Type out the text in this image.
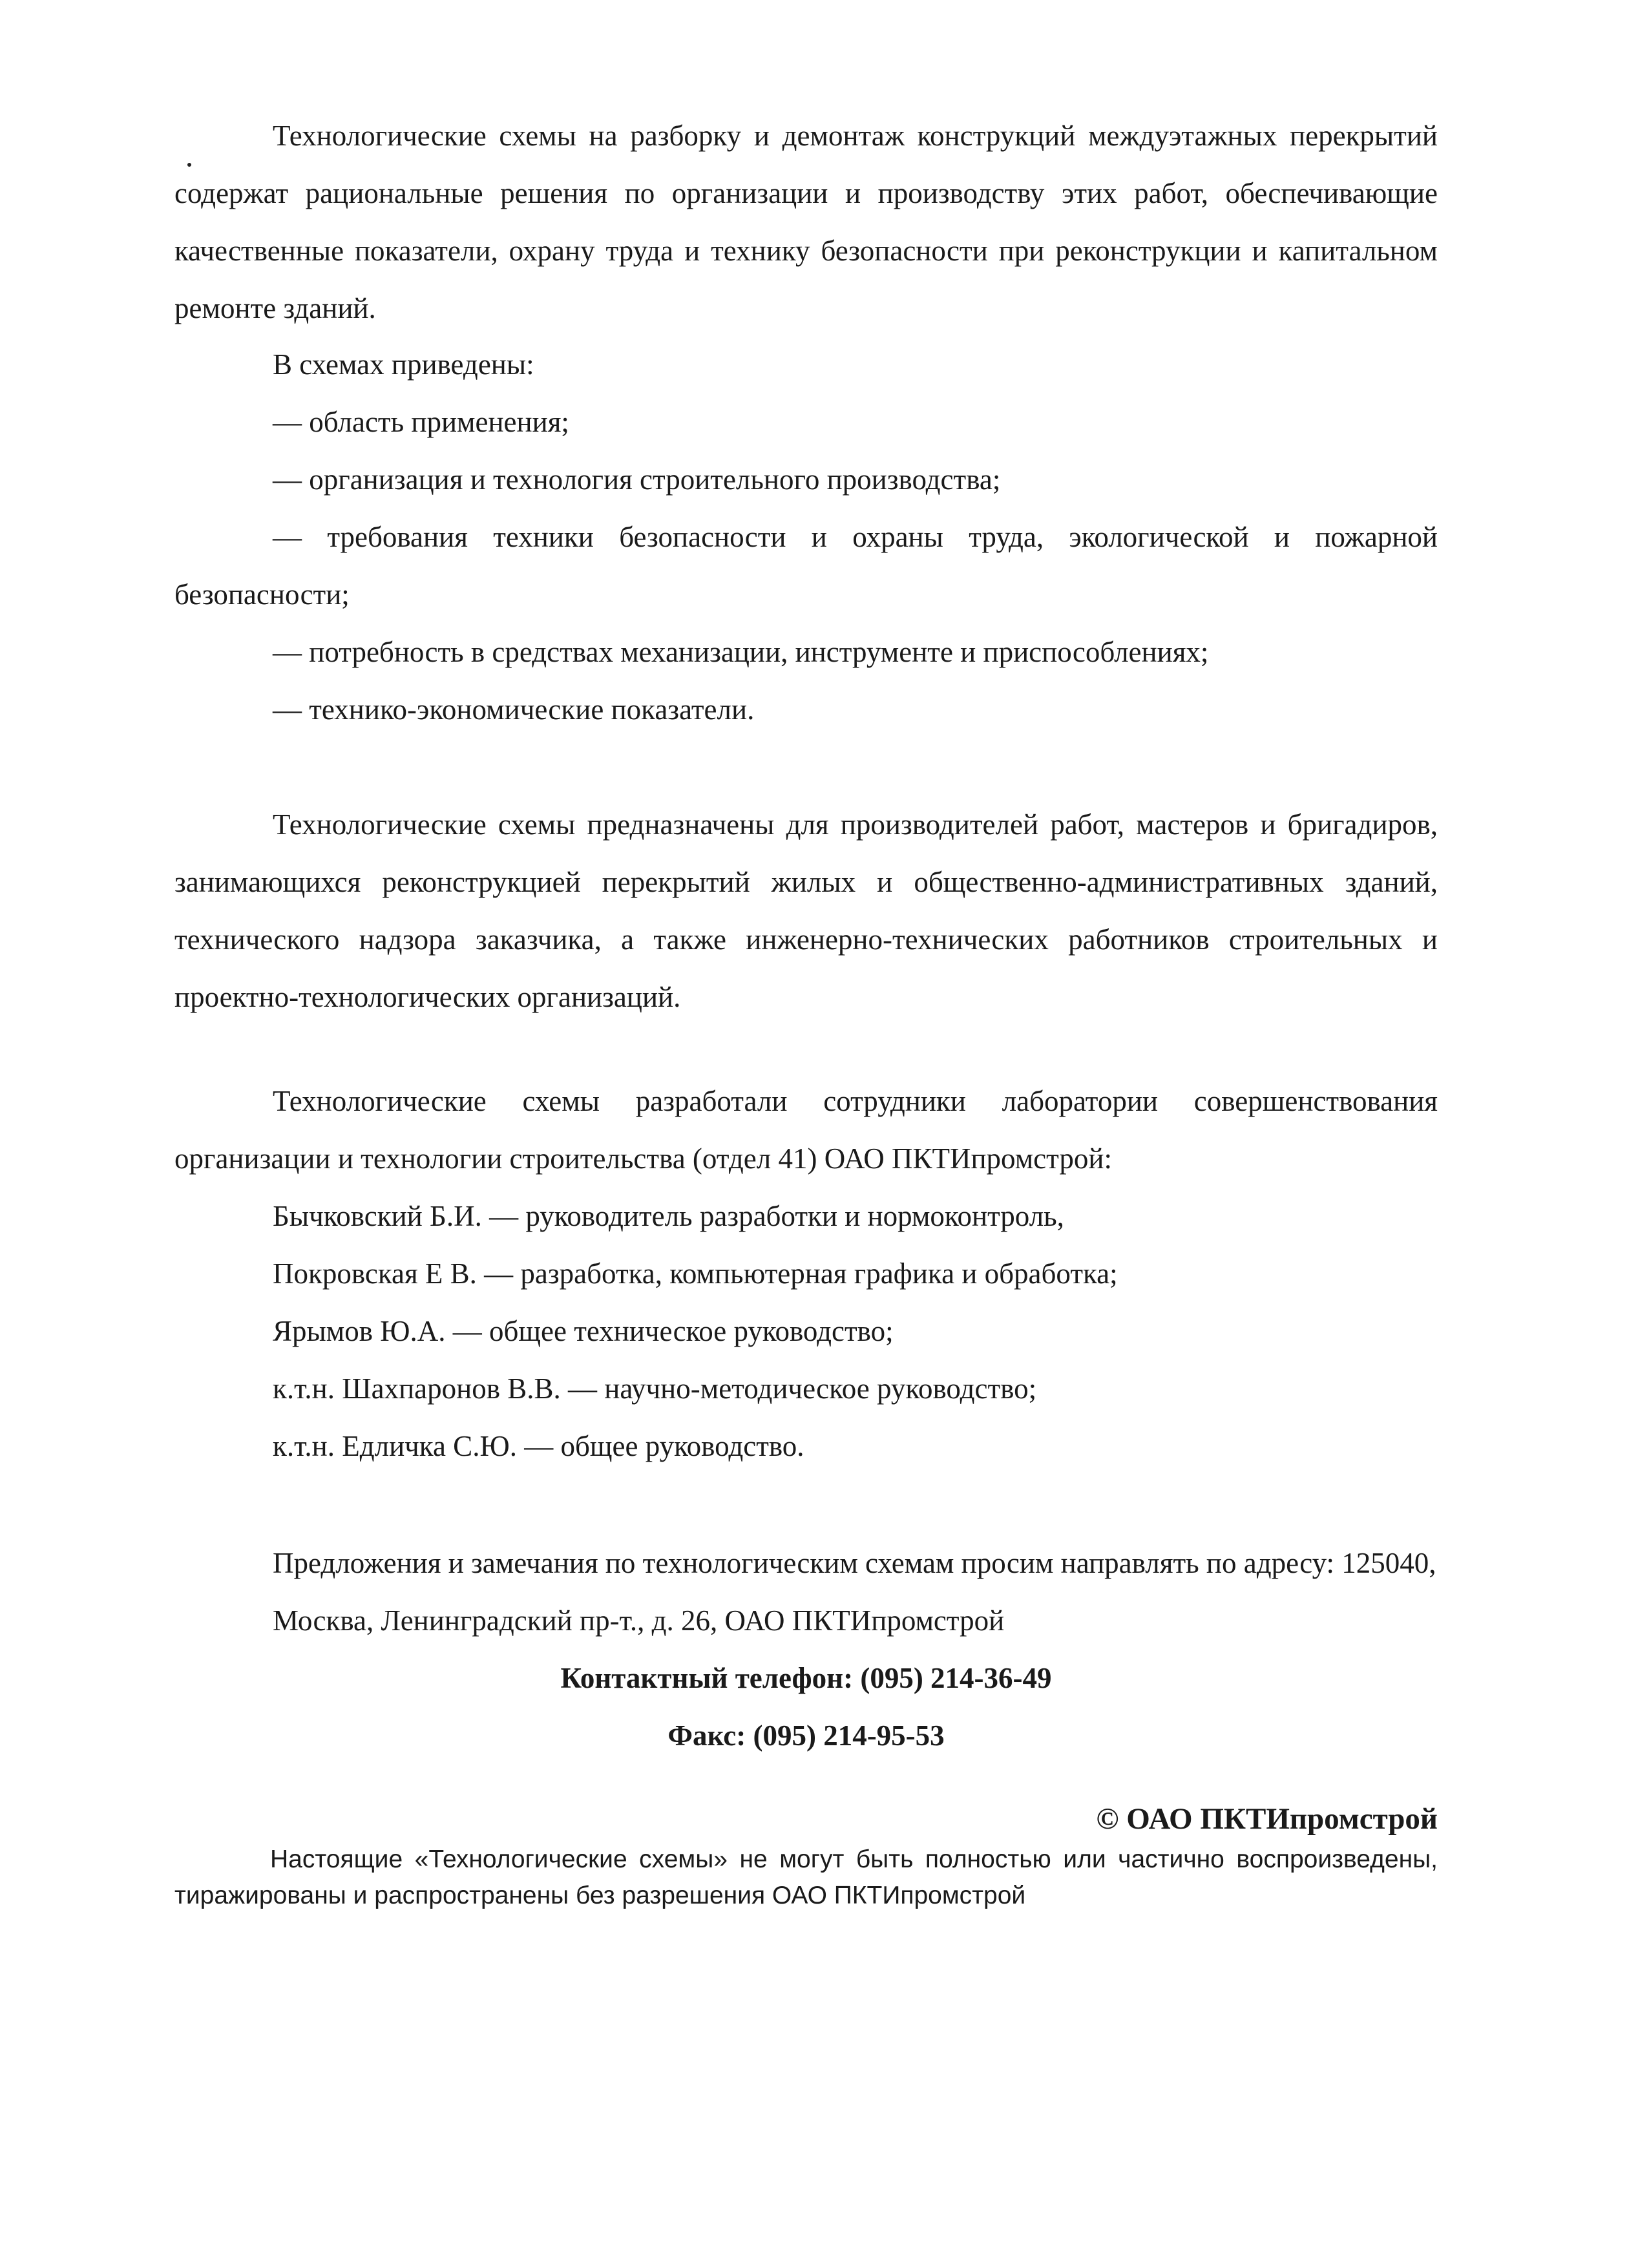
Технологические схемы на разборку и демонтаж конструкций междуэтажных перекрытий содержат рациональные решения по организации и производству этих работ, обеспечивающие качественные показатели, охрану труда и технику безопасности при реконструкции и капитальном ремонте зданий.

В схемах приведены:

— область применения;

— организация и технология строительного производства;

— требования техники безопасности и охраны труда, экологической и пожарной безопасности;

— потребность в средствах механизации, инструменте и приспособлениях;

— технико-экономические показатели.

Технологические схемы предназначены для производителей работ, мастеров и бригадиров, занимающихся реконструкцией перекрытий жилых и общественно-административных зданий, технического надзора заказчика, а также инженерно-технических работников строительных и проектно-технологических организаций.

Технологические схемы разработали сотрудники лаборатории совершенствования организации и технологии строительства (отдел 41) ОАО ПКТИпромстрой:

Бычковский Б.И. — руководитель разработки и нормоконтроль,

Покровская Е В. — разработка, компьютерная графика и обработка;

Ярымов Ю.А. — общее техническое руководство;

к.т.н. Шахпаронов В.В. — научно-методическое руководство;

к.т.н. Едличка С.Ю. — общее руководство.

Предложения и замечания по технологическим схемам просим направлять по адресу: 125040, Москва, Ленинградский пр-т., д. 26, ОАО ПКТИпромстрой

Контактный телефон: (095) 214-36-49

Факс: (095) 214-95-53

© ОАО ПКТИпромстрой

Настоящие «Технологические схемы» не могут быть полностью или частично воспроизведены, тиражированы и распространены без разрешения ОАО ПКТИпромстрой
